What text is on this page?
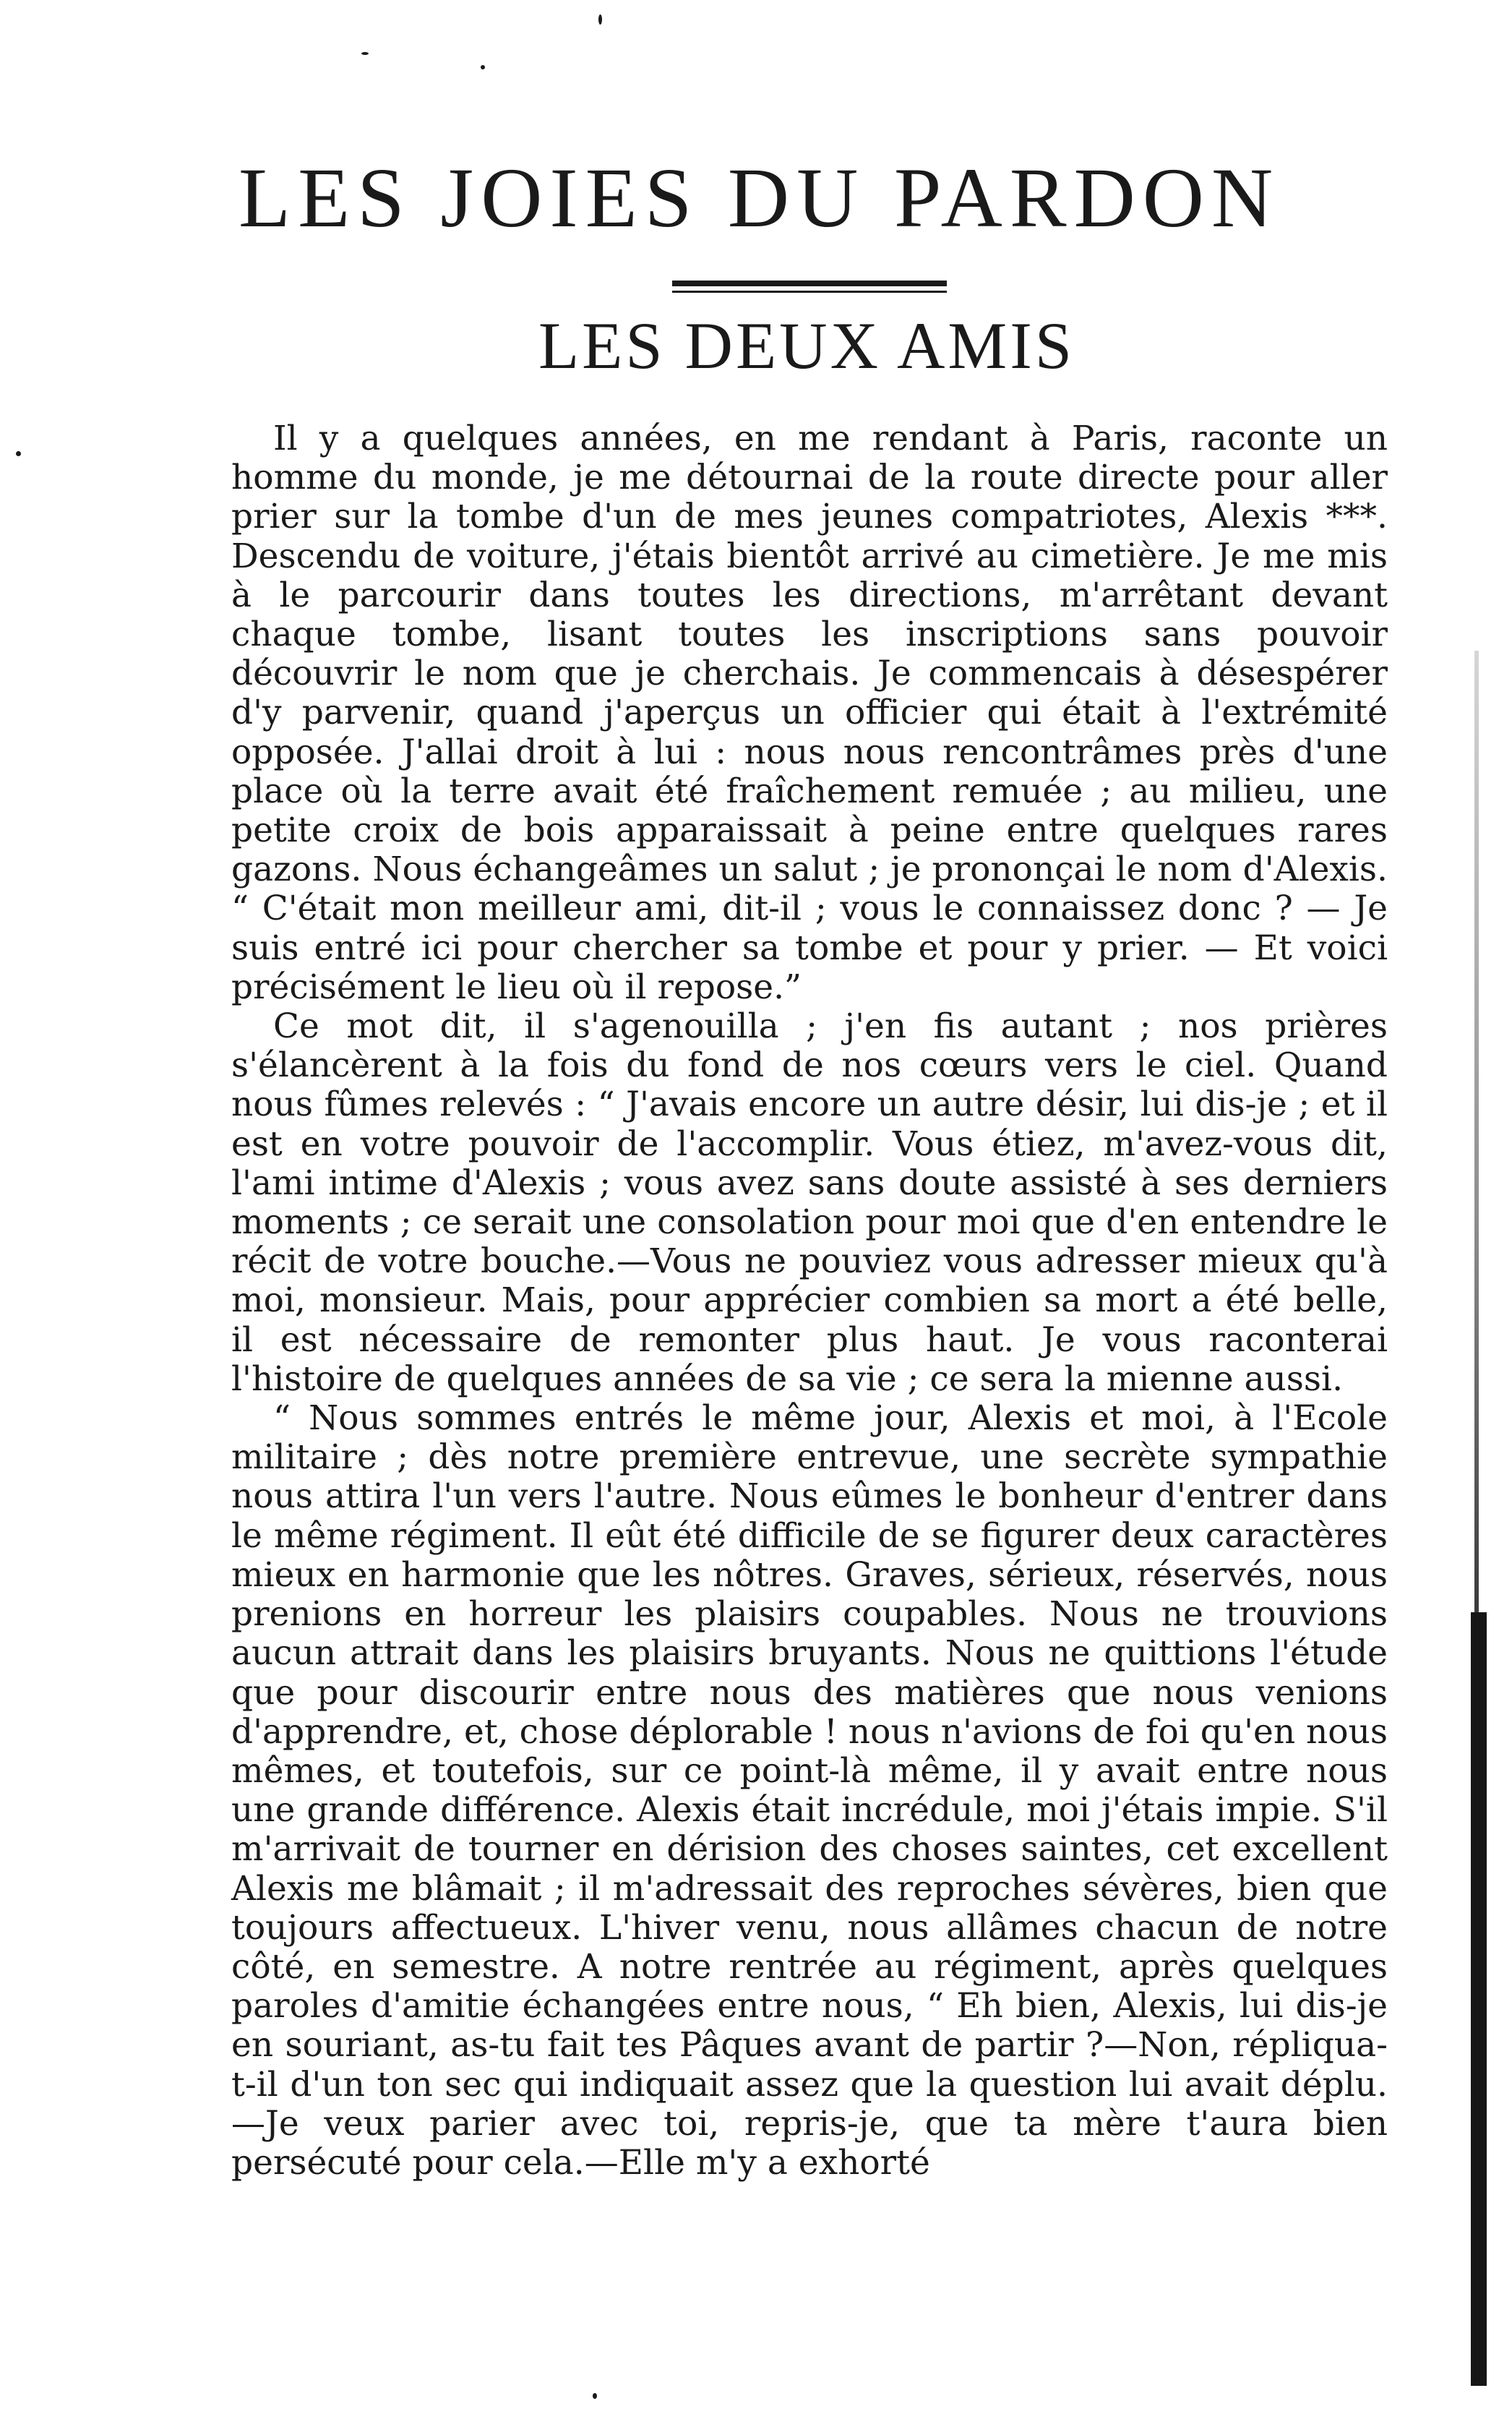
LES JOIES DU PARDON
LES DEUX AMIS

Il y a quelques années, en me rendant à Paris, raconte un homme du monde, je me détournai de la route directe pour aller prier sur la tombe d'un de mes jeunes compatriotes, Alexis ***. Descendu de voiture, j'étais bientôt arrivé au cimetière. Je me mis à le parcourir dans toutes les directions, m'arrêtant devant chaque tombe, lisant toutes les inscriptions sans pouvoir découvrir le nom que je cherchais. Je commencais à désespérer d'y parvenir, quand j'aperçus un officier qui était à l'extrémité opposée. J'allai droit à lui : nous nous rencontrâmes près d'une place où la terre avait été fraîchement remuée ; au milieu, une petite croix de bois apparaissait à peine entre quelques rares gazons. Nous échangeâmes un salut ; je prononçai le nom d'Alexis. “ C'était mon meilleur ami, dit-il ; vous le connaissez donc ? — Je suis entré ici pour chercher sa tombe et pour y prier. — Et voici précisément le lieu où il repose.”

Ce mot dit, il s'agenouilla ; j'en fis autant ; nos prières s'élancèrent à la fois du fond de nos cœurs vers le ciel. Quand nous fûmes relevés : “ J'avais encore un autre désir, lui dis-je ; et il est en votre pouvoir de l'accomplir. Vous étiez, m'avez-vous dit, l'ami intime d'Alexis ; vous avez sans doute assisté à ses derniers moments ; ce serait une consolation pour moi que d'en entendre le récit de votre bouche.—Vous ne pouviez vous adresser mieux qu'à moi, monsieur. Mais, pour apprécier combien sa mort a été belle, il est nécessaire de remonter plus haut. Je vous raconterai l'histoire de quelques années de sa vie ; ce sera la mienne aussi.

“ Nous sommes entrés le même jour, Alexis et moi, à l'Ecole militaire ; dès notre première entrevue, une secrète sympathie nous attira l'un vers l'autre. Nous eûmes le bonheur d'entrer dans le même régiment. Il eût été difficile de se figurer deux caractères mieux en harmonie que les nôtres. Graves, sérieux, réservés, nous prenions en horreur les plaisirs coupables. Nous ne trouvions aucun attrait dans les plaisirs bruyants. Nous ne quittions l'étude que pour discourir entre nous des matières que nous venions d'apprendre, et, chose déplorable ! nous n'avions de foi qu'en nous mêmes, et toutefois, sur ce point-là même, il y avait entre nous une grande différence. Alexis était incrédule, moi j'étais impie. S'il m'arrivait de tourner en dérision des choses saintes, cet excellent Alexis me blâmait ; il m'adressait des reproches sévères, bien que toujours affectueux. L'hiver venu, nous allâmes chacun de notre côté, en semestre. A notre rentrée au régiment, après quelques paroles d'amitie échangées entre nous, “ Eh bien, Alexis, lui dis-je en souriant, as-tu fait tes Pâques avant de partir ?—Non, répliqua-t-il d'un ton sec qui indiquait assez que la question lui avait déplu.—Je veux parier avec toi, repris-je, que ta mère t'aura bien persécuté pour cela.—Elle m'y a exhorté
